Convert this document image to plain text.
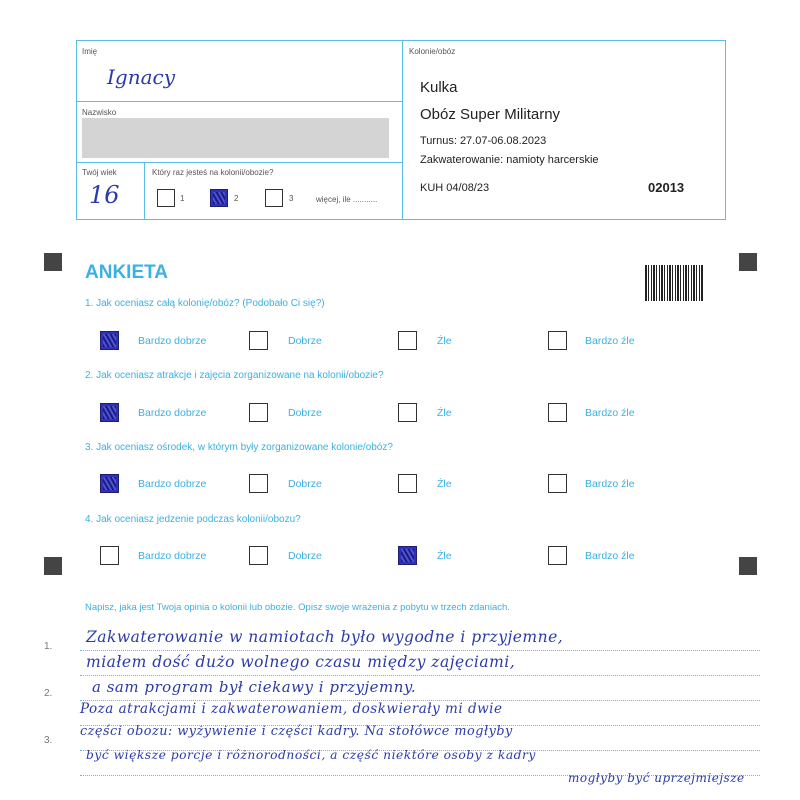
Imię
Ignacy
Nazwisko
Twój wiek
16
Który raz jesteś na kolonii/obozie?
1	2	3	więcej, ile ...........
Kolonie/obóz
Kulka
Obóz Super Militarny
Turnus: 27.07-06.08.2023
Zakwaterowanie: namioty harcerskie
KUH 04/08/23	02013
ANKIETA
1. Jak oceniasz całą kolonię/obóz? (Podobało Ci się?)
2. Jak oceniasz atrakcje i zajęcia zorganizowane na kolonii/obozie?
3. Jak oceniasz ośrodek, w którym były zorganizowane kolonie/obóz?
4. Jak oceniasz jedzenie podczas kolonii/obozu?
Bardzo dobrze	Dobrze	Źle	Bardzo źle
Bardzo dobrze	Dobrze	Źle	Bardzo źle
Bardzo dobrze	Dobrze	Źle	Bardzo źle
Bardzo dobrze	Dobrze	Źle	Bardzo źle
Napisz, jaka jest Twoja opinia o kolonii lub obozie. Opisz swoje wrażenia z pobytu w trzech zdaniach.
1.
2.
3.
Zakwaterowanie w namiotach było wygodne i przyjemne,
miałem dość dużo wolnego czasu między zajęciami,
a sam program był ciekawy i przyjemny.
Poza atrakcjami i zakwaterowaniem, doskwierały mi dwie
części obozu: wyżywienie i części kadry. Na stołówce mogłyby
być większe porcje i różnorodności, a część niektóre osoby z kadry
mogłyby być uprzejmiejsze
